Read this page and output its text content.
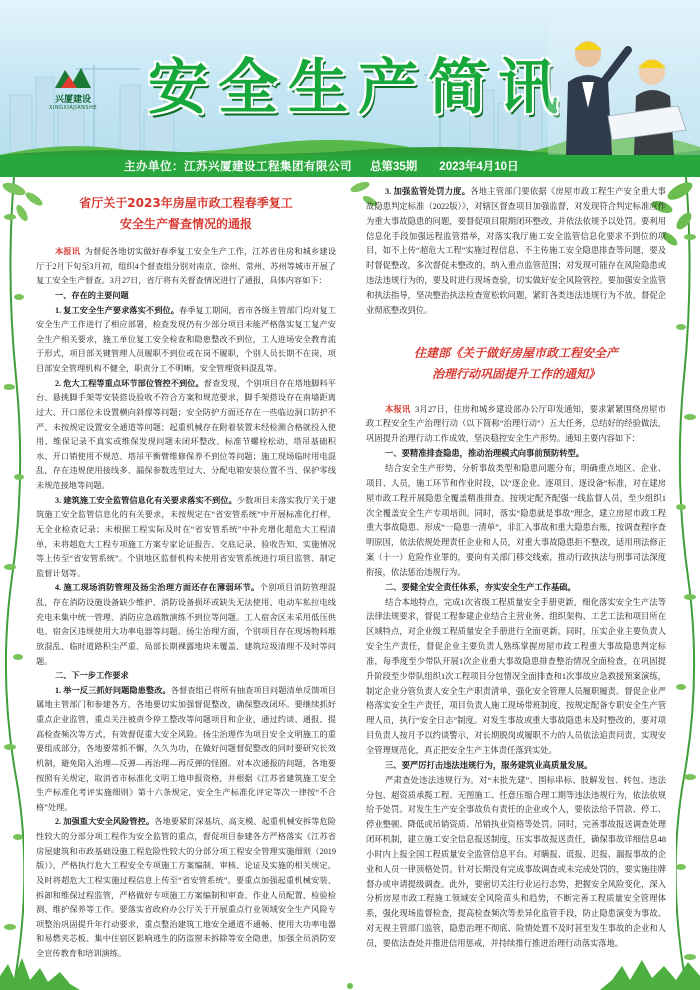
兴厦建设
XINGXIAJIANSHE 安全生产简讯
主办单位：江苏兴厦建设工程集团有限公司 总第35期 2023年4月10日
省厅关于2023年房屋市政工程春季复工
安全生产督查情况的通报

本报讯 为督促各地切实做好春季复工安全生产工作，江苏省住房和城乡建设厅于2月下旬至3月初，组织4个督查组分别对南京、徐州、常州、苏州等城市开展了复工安全生产督查。3月27日，省厅将有关督查情况进行了通报，具体内容如下：

一、存在的主要问题

1. 复工安全生产要求落实不到位。春季复工期间，省市各级主管部门均对复工安全生产工作进行了相应部署，检查发现仍有少部分项目未能严格落实复工复产安全生产相关要求，施工单位复工安全检查和隐患整改不到位，工人进场安全教育流于形式，项目部关键管理人员履职不到位或在岗不履职，个别人员长期不在岗，项目部安全管理机构不健全，职责分工不明晰，安全管理资料混乱等。

2. 危大工程等重点环节部位管控不到位。督查发现，个别项目存在塔地脚料平台、悬挑脚手架等安装搭设验收不符合方案和规范要求，脚手架搭设存在南墙距离过大、开口部位未设置横向斜撑等问题；安全防护方面还存在一些临边洞口防护不严、未按规定设置安全通道等问题；起重机械存在附着装置未经检测合格就投入使用、维保记录不真实或维保发现问题未闭环整改、标准节螺栓松动、塔吊基础积水、开口销使用不规范、塔吊平衡臂维修保养不到位等问题；施工现场临时用电混乱，存在违规使用接线多、漏保参数选型过大、分配电箱安装位置不当、保护零线未规范接地等问题。

3. 建筑施工安全监管信息化有关要求落实不到位。少数项目未落实我厅关于建筑施工安全监管信息化的有关要求，未按规定在“省安管系统”中开展标准化打样，无全业检查记录；未根据工程实际及时在“省安管系统”中补充增化超危大工程清单，未将超危大工程专项施工方案专家论证报告、交底记录、验收告知、实施情况等上传至“省安管系统”。个别地区监督机构未使用省安管系统进行项目监管、制定监督计划等。

4. 施工现场消防管理及扬尘治理方面还存在薄弱环节。个别项目消防管理混乱，存在消防设施设备缺少维护、消防设备损坏或缺失无法使用、电动车私拉电线充电未集中统一管理、消防应急疏散演练不到位等问题。工人宿舍区未采用低压供电、宿舍区违规使用大功率电器等问题。扬尘治理方面，个别项目存在现场物料堆放混乱、临时道路积尘严重、局部长期裸露地块未覆盖、建筑垃圾清理不及时等问题。

二、下一步工作要求

1. 举一反三抓好问题隐患整改。各督查组已将所有抽查项目问题清单反馈项目属地主管部门和参建各方，各地要切实加强督促整改，确保整改闭环。要继续抓好重点企业监管，重点关注被责令停工整改等问题项目和企业，通过约谈、通报、提高检查频次等方式，有效督促重大安全风险。扬尘治理作为项目安全文明施工的重要组成部分，各地要常抓不懈，久久为功，在做好问题督促整改的同时要研究长效机制，避免陷入治理—反弹—再治理—再反弹的怪圈。对本次通报的问题，各地要按照有关规定，取消省市标准化文明工地申报资格，并根据《江苏省建筑施工安全生产标准化考评实施细则》第十六条规定，安全生产标准化评定等次一律按“不合格”处理。

2. 加强重大安全风险管控。各地要紧盯深基坑、高支模、起重机械安拆等危险性较大的分部分项工程作为安全监管的重点，督促项目参建各方严格落实《江苏省房屋建筑和市政基础设施工程危险性较大的分部分项工程安全管理实施细则（2019版）》，严格执行危大工程安全专项施工方案编制、审核、论证及实施的相关规定，及时将超危大工程实施过程信息上传至“省安管系统”。要重点加强起重机械安装、拆卸和维保过程监管，严格做好专项施工方案编制和审查、作业人员配置、检验检测、维护保养等工作。要落实省政府办公厅关于开展重点行业领域安全生产风险专项整治巩固提升年行动要求，重点整治建筑工地安全通道不通畅、使用大功率电器和易燃夹芯板、集中住宿区影响逃生的防盗窗未拆除等安全隐患，加强全员消防安全宣传教育和培训演练。

3. 加强监管处罚力度。各地主管部门要依据《房屋市政工程生产安全重大事故隐患判定标准（2022版）》，对辖区督查项目加强监督，对发现符合判定标准应作为重大事故隐患的问题，要督促项目限期闭环整改，并依法依规予以处罚。要利用信息化手段加强远程监管措举，对落实我厅施工安全监管信息化要求不到位的项目，如不上传“超危大工程”实施过程信息、不主传施工安全隐患排查等问题，要及时督促整改，多次督促未整改的，纳入重点监管范围；对发现可能存在风险隐患或违法违规行为的，要及时进行现场查验，切实做好安全风险管控。要加强安全监管和执法指导，坚决整治执法检查宽松软问题，紧盯各类违法违规行为不放，督促企业彻底整改到位。

住建部《关于做好房屋市政工程安全产
治理行动巩固提升工作的通知》

本报讯 3月27日，住房和城乡建设部办公厅印发通知，要求紧紧围绕房屋市政工程安全生产治理行动（以下简称“治理行动”）五大任务，总结好的经验做法，巩固提升治理行动工作成效，坚决稳控安全生产形势。通知主要内容如下：

一、要精准排查隐患，推动治理模式向事前预防转型。

结合安全生产形势，分析事故类型和隐患问题分布，明确重点地区、企业、项目、人员，施工环节和作业时段，以“逐企业、逐项目、逐设备”标准，对在建房屋市政工程开展隐患全覆盖精准排查。按规定配齐配强一线监督人员，至少组织1次全覆盖安全生产专项培训。同时，落实“隐患就是事故”理念，建立房屋市政工程重大事故隐患、形成“一隐患一清单”，非汇入事故和重大隐患台账，按调查程序查明原因，依法依规处理责任企业和人员，对重大事故隐患拒不整改，适用刑法修正案（十一）危险作业罪的，要向有关部门移交线索，推动行政执法与刑事司法深度衔接，依法惩治违规行为。

二、要健全安全责任体系，夯实安全生产工作基础。

结合本地特点，完成1次省级工程质量安全手册更新，细化落实安全生产法等法律法规要求，督促工程参建企业结合主营业务、组织架构、工艺工法和项目所在区域特点，对企业级工程质量安全手册进行全面更新。同时，压实企业主要负责人安全生产责任，督促企业主要负责人熟练掌握房屋市政工程重大事故隐患判定标准，每季度至少带队开展1次企业重大事故隐患排查整治情况全面检查，在巩固提升阶段至少带队组织1次工程项目分包情况全面排查和1次事故应急救援预案演练，制定企业分管负责人安全生产职责清单，强化安全管理人员履职履责。督促企业严格落实安全生产责任，项目负责人施工现场带班制度，按规定配备专职安全生产管理人员，执行“安全日志”制度。对发生事故或重大事故隐患未及时整改的，要对项目负责人按月予以约谈警示，对长期脱岗或履职不力的人员依法追责问责，实现安全管理规范化，真正把安全生产主体责任落到实处。

三、要严厉打击违法违规行为，服务建筑业高质量发展。

严肃查处违法违规行为。对“未批先建”、围标串标、肢解发包、转包、违法分包、超资质承揽工程、无图施工、任意压缩合理工期等违法违规行为，依法依规给予处罚。对发生生产安全事故负有责任的企业或个人，要依法给予罚款、停工、停业整顿、降低或吊销资质、吊销执业资格等处罚。同时，完善事故报送调查处理闭环机制，建立施工安全信息报送制度，压实事故报送责任，确保事故详细信息48小时内上报全国工程质量安全监管信息平台。对瞒报、谎报、迟报、漏报事故的企业和人员一律顶格处罚。针对长期没有完成事故调查或未完成处罚的，要实施挂牌督办或申请提级调查。此外，要密切关注行业运行态势，把握安全风险变化，深入分析房屋市政工程施工领域安全风险苗头和趋势，不断完善工程质量安全管理体系，强化现场监督检查，提高检查频次等差异化监管手段，防止隐患演变为事故。对无视主管部门监管，隐患治理不彻底、险情处置不及时甚至发生事故的企业和人员，要依法查处并推进信用惩戒，并持续推行推进治理行动落实落地。
